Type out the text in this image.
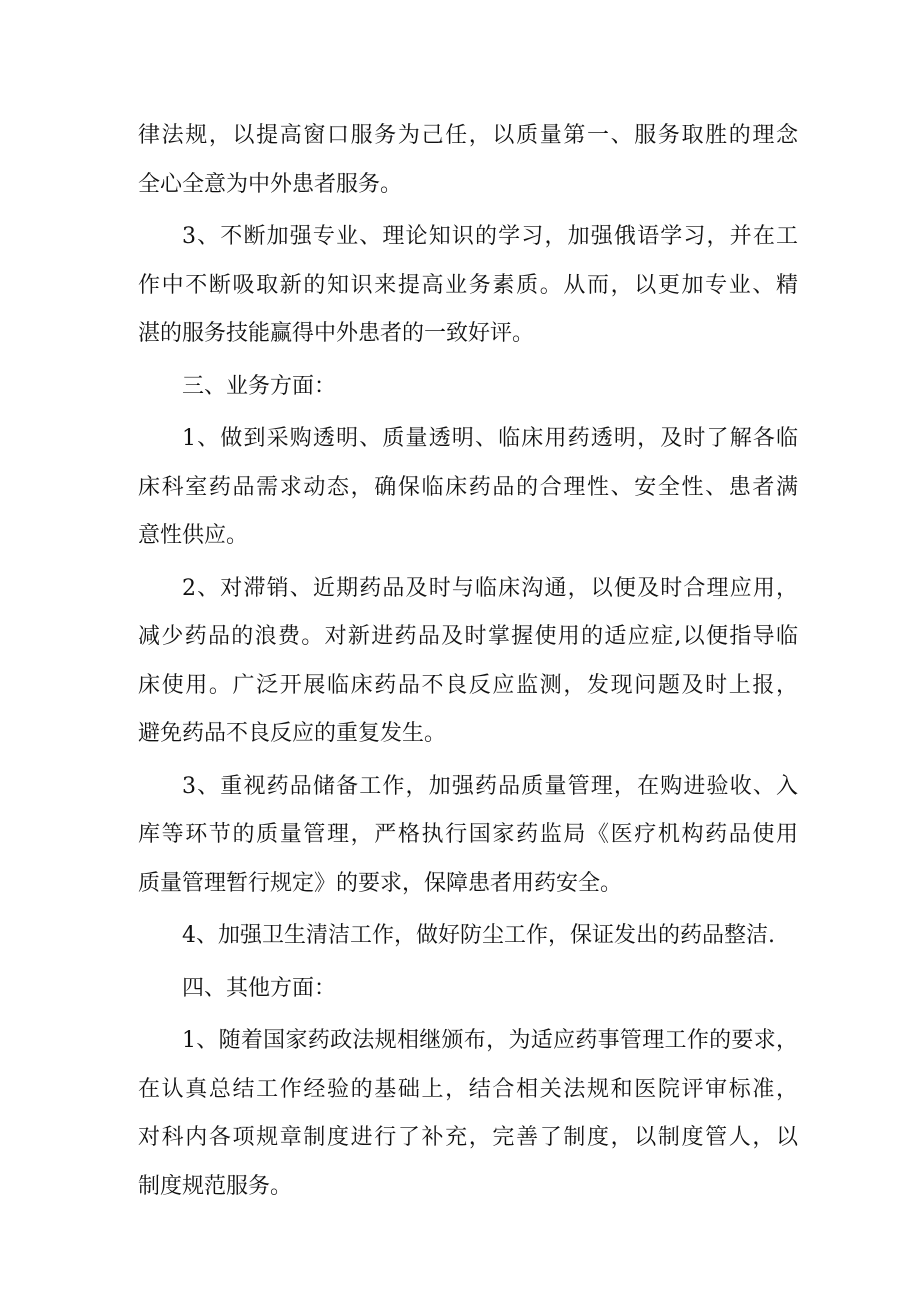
律法规，以提高窗口服务为己任，以质量第一、服务取胜的理念
全心全意为中外患者服务。
3、不断加强专业、理论知识的学习，加强俄语学习，并在工
作中不断吸取新的知识来提高业务素质。从而，以更加专业、精
湛的服务技能赢得中外患者的一致好评。
三、业务方面：
1、做到采购透明、质量透明、临床用药透明，及时了解各临
床科室药品需求动态，确保临床药品的合理性、安全性、患者满
意性供应。
2、对滞销、近期药品及时与临床沟通，以便及时合理应用，
减少药品的浪费。对新进药品及时掌握使用的适应症,以便指导临
床使用。广泛开展临床药品不良反应监测，发现问题及时上报，
避免药品不良反应的重复发生。
3、重视药品储备工作，加强药品质量管理，在购进验收、入
库等环节的质量管理，严格执行国家药监局《医疗机构药品使用
质量管理暂行规定》的要求，保障患者用药安全。
4、加强卫生清洁工作，做好防尘工作，保证发出的药品整洁.
四、其他方面：
1、随着国家药政法规相继颁布，为适应药事管理工作的要求，
在认真总结工作经验的基础上，结合相关法规和医院评审标准，
对科内各项规章制度进行了补充，完善了制度，以制度管人，以
制度规范服务。
